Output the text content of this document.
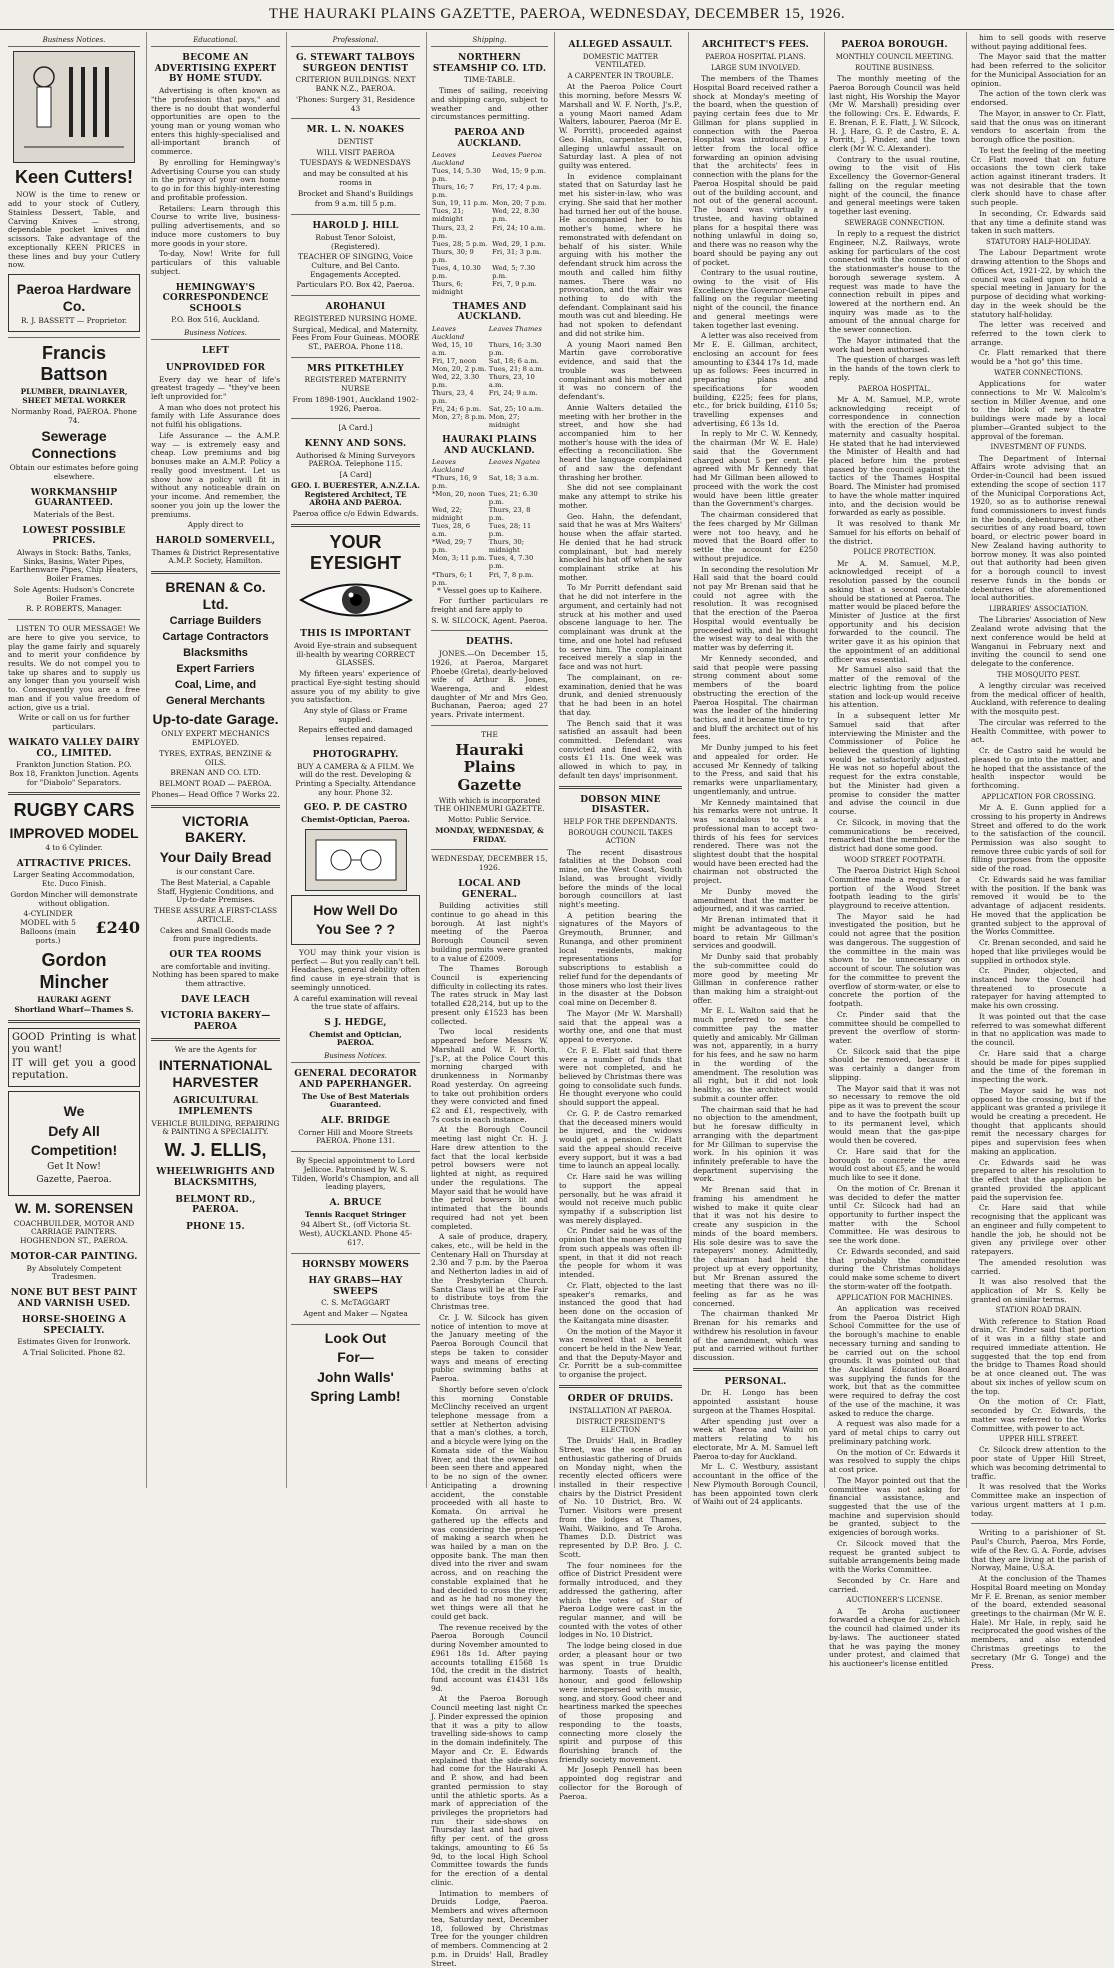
THE HAURAKI PLAINS GAZETTE, PAEROA, WEDNESDAY, DECEMBER 15, 1926.
Business Notices.
Keen Cutters!

NOW is the time to renew or add to your stock of Cutlery, Stainless Dessert, Table, and Carving Knives — strong, dependable pocket knives and scissors. Take advantage of the exceptionally KEEN PRICES in these lines and buy your Cutlery now.

Paeroa Hardware Co.

R. J. BASSETT — Proprietor.

Francis Battson

PLUMBER, DRAINLAYER, SHEET METAL WORKER

Normanby Road, PAEROA. Phone 74.

Sewerage Connections

Obtain our estimates before going elsewhere.

WORKMANSHIP GUARANTEED.

Materials of the Best.

LOWEST POSSIBLE PRICES.

Always in Stock: Baths, Tanks, Sinks, Basins, Water Pipes, Earthenware Pipes, Chip Heaters, Boiler Frames.

Sole Agents: Hudson's Concrete Boiler Frames.

R. P. ROBERTS, Manager.

LISTEN TO OUR MESSAGE! We are here to give you service, to play the game fairly and squarely and to merit your confidence by results. We do not compel you to take up shares and to supply us any longer than you yourself wish to. Consequently you are a free man and if you value freedom of action, give us a trial.

Write or call on us for further particulars.

WAIKATO VALLEY DAIRY CO., LIMITED.

Frankton Junction Station. P.O. Box 18, Frankton Junction. Agents for "Diabolo" Separators.

RUGBY CARS
IMPROVED MODEL

4 to 6 Cylinder.

ATTRACTIVE PRICES.

Larger Seating Accommodation, Etc. Duco Finish.

Gordon Mincher will demonstrate without obligation.

4-CYLINDER MODEL with 5 Balloons (main ports.)

£240
Gordon Mincher

HAURAKI AGENT

Shortland Wharf—Thames S.

GOOD Printing is what you want!

IT will get you a good reputation.

We
Defy All
Competition!

Get It Now!

Gazette, Paeroa.

W. M. SORENSEN

COACHBUILDER, MOTOR AND CARRIAGE PAINTERS. HOGHENDON ST., PAEROA.

MOTOR-CAR PAINTING.

By Absolutely Competent Tradesmen.

NONE BUT BEST PAINT AND VARNISH USED.
HORSE-SHOEING A SPECIALTY.

Estimates Given for Ironwork.

A Trial Solicited. Phone 82.

Educational.
BECOME AN ADVERTISING EXPERT BY HOME STUDY.

Advertising is often known as "the profession that pays," and there is no doubt that wonderful opportunities are open to the young man or young woman who enters this highly-specialised and all-important branch of commerce.

By enrolling for Hemingway's Advertising Course you can study in the privacy of your own home to go in for this highly-interesting and profitable profession.

Retailers: Learn through this Course to write live, business-pulling advertisements, and so induce more customers to buy more goods in your store.

To-day, Now! Write for full particulars of this valuable subject.

HEMINGWAY'S CORRESPONDENCE SCHOOLS

P.O. Box 516, Auckland.

Business Notices.
LEFT
UNPROVIDED FOR

Every day we hear of life's greatest tragedy — "they've been left unprovided for."

A man who does not protect his family with Life Assurance does not fulfil his obligations.

Life Assurance — the A.M.P. way — is extremely easy and cheap. Low premiums and big bonuses make an A.M.P. Policy a really good investment. Let us show how a policy will fit in without any noticeable drain on your income. And remember, the sooner you join up the lower the premiums.

Apply direct to

HAROLD SOMERVELL,

Thames & District Representative A.M.P. Society, Hamilton.

BRENAN & Co. Ltd.
Carriage Builders
Cartage Contractors
Blacksmiths
Expert Farriers
Coal, Lime, and
General Merchants
Up-to-date Garage.

ONLY EXPERT MECHANICS EMPLOYED.

TYRES, EXTRAS, BENZINE & OILS.

BRENAN AND CO. LTD.

BELMONT ROAD — PAEROA.

Phones— Head Office 7 Works 22.

VICTORIA BAKERY.
Your Daily Bread

is our constant Care.

The Best Material, a Capable Staff, Hygienic Conditions, and Up-to-date Premises.

THESE ASSURE A FIRST-CLASS ARTICLE.

Cakes and Small Goods made from pure ingredients.

OUR TEA ROOMS

are comfortable and inviting. Nothing has been spared to make them attractive.

DAVE LEACH
VICTORIA BAKERY—PAEROA

We are the Agents for

INTERNATIONAL HARVESTER
AGRICULTURAL IMPLEMENTS

VEHICLE BUILDING, REPAIRING & PAINTING A SPECIALITY.

W. J. ELLIS,
WHEELWRIGHTS AND BLACKSMITHS,
BELMONT RD., PAEROA.
PHONE 15.
Professional.
G. STEWART TALBOYS SURGEON DENTIST

CRITERION BUILDINGS. NEXT BANK N.Z., PAEROA.

'Phones: Surgery 31, Residence 43

MR. L. N. NOAKES

DENTIST

WILL VISIT PAEROA

TUESDAYS & WEDNESDAYS

and may be consulted at his rooms in

Brocket and Shand's Buildings

from 9 a.m. till 5 p.m.

HAROLD J. HILL

Robust Tenor Soloist, (Registered).

TEACHER OF SINGING, Voice Culture, and Bel Canto. Engagements Accepted.

Particulars P.O. Box 42, Paeroa.

AROHANUI

REGISTERED NURSING HOME.

Surgical, Medical, and Maternity. Fees From Four Guineas. MOORE ST., PAEROA. Phone 118.

MRS PITKETHLEY

REGISTERED MATERNITY NURSE

From 1898-1901, Auckland 1902-1926, Paeroa.

[A Card.]

KENNY AND SONS.

Authorised & Mining Surveyors PAEROA. Telephone 115.

[A Card]

GEO. I. BUERESTER, A.N.Z.I.A. Registered Architect, TE AROHA AND PAEROA.

Paeroa office c/o Edwin Edwards.

YOUR EYESIGHT
THIS IS IMPORTANT

Avoid Eye-strain and subsequent ill-health by wearing CORRECT GLASSES.

My fifteen years' experience of practical Eye-sight testing should assure you of my ability to give you satisfaction.

Any style of Glass or Frame supplied.

Repairs effected and damaged lenses repaired.

PHOTOGRAPHY.

BUY A CAMERA & A FILM. We will do the rest. Developing & Printing a Specialty. Attendance any hour. Phone 32.

GEO. P. DE CASTRO

Chemist-Optician, Paeroa.

How Well Do
You See ? ?

YOU may think your vision is perfect — But you really can't tell. Headaches, general debility often find cause in eye-strain that is seemingly unnoticed.

A careful examination will reveal the true state of affairs.

S J. HEDGE,

Chemist and Optician, PAEROA.

Business Notices.
GENERAL DECORATOR AND PAPERHANGER.

The Use of Best Materials Guaranteed.

ALF. BRIDGE

Corner Hill and Moore Streets PAEROA. Phone 131.

By Special appointment to Lord Jellicoe. Patronised by W. S. Tilden, World's Champion, and all leading players,

A. BRUCE

Tennis Racquet Stringer

94 Albert St., (off Victoria St. West), AUCKLAND. Phone 45-617.

HORNSBY MOWERS
HAY GRABS—HAY SWEEPS

C. S. McTAGGART

Agent and Maker — Ngatea

Look Out
For—
John Walls'
Spring Lamb!
Shipping.
NORTHERN STEAMSHIP CO. LTD.

TIME-TABLE.

Times of sailing, receiving and shipping cargo, subject to weather and other circumstances permitting.

PAEROA AND AUCKLAND.
Leaves Auckland	Leaves Paeroa
Tues, 14, 5.30 p.m.	Wed, 15; 9 p.m.
Thurs, 16; 7 p.m.	Fri, 17; 4 p.m.
Sun, 19, 11 p.m.	Mon, 20; 7 p.m.
Tues, 21; midnight	Wed, 22, 8.30 p.m.
Thurs, 23, 2 p.m.	Fri, 24; 10 a.m.
Tues, 28; 5 p.m.	Wed, 29, 1 p.m.
Thurs, 30; 9 p.m.	Fri, 31; 3 p.m.
Tues, 4, 10.30 p.m.	Wed, 5; 7.30 p.m.
Thurs, 6; midnight	Fri, 7, 9 p.m.
THAMES AND AUCKLAND.
Leaves Auckland	Leaves Thames
Wed, 15, 10 a.m.	Thurs, 16; 3.30 p.m.
Fri, 17, noon	Sat, 18; 6 a.m.
Mon, 20, 2 p.m.	Tues, 21; 8 a.m.
Wed, 22, 3.30 p.m.	Thurs, 23, 10 a.m.
Thurs, 23, 4 p.m.	Fri, 24; 9 a.m.
Fri, 24; 6 p.m.	Sat, 25; 10 a.m.
Mon, 27; 8 p.m.	Mon, 27; midnight
HAURAKI PLAINS AND AUCKLAND.
Leaves Auckland	Leaves Ngatea
*Thurs, 16, 9 p.m.	Sat, 18; 3 a.m.
*Mon, 20, noon	Tues, 21; 6.30 p.m.
Wed, 22; midnight	Thurs, 23, 8 p.m.
Tues, 28, 6 a.m.	Tues, 28; 11 p.m.
*Wed, 29; 7 p.m.	Thurs, 30; midnight
Mon, 3; 11 p.m.	Tues, 4, 7.30 p.m.
*Thurs, 6; 1 p.m.	Fri, 7, 8 p.m.

* Vessel goes up to Kaihere.

For further particulars re freight and fare apply to

S. W. SILCOCK, Agent. Paeroa.

DEATHS.

JONES.—On December 15, 1926, at Paeroa, Margaret Phoebe (Greta), dearly-beloved wife of Arthur B. Jones, Waerenga, and eldest daughter of Mr and Mrs Geo. Buchanan, Paeroa; aged 27 years. Private interment.

THE

Hauraki Plains Gazette

With which is incorporated THE OHINEMURI GAZETTE.

Motto: Public Service.

MONDAY, WEDNESDAY, & FRIDAY.

WEDNESDAY, DECEMBER 15, 1926.

LOCAL AND GENERAL.

Building activities still continue to go ahead in this borough. At last night's meeting of the Paeroa Borough Council seven building permits were granted to a value of £2009.

The Thames Borough Council is experiencing difficulty in collecting its rates. The rates struck in May last totalled £28,214, but up to the present only £1523 has been collected.

Two local residents appeared before Messrs W. Marshall and W. F. North, J's.P., at the Police Court this morning charged with drunkenness in Normanby Road yesterday. On agreeing to take out prohibition orders they were convicted and fined £2 and £1, respectively, with 7s costs in each instance.

At the Borough Council meeting last night Cr. H. J. Hare drew attention to the fact that the local kerbside petrol bowsers were not lighted at night, as required under the regulations. The Mayor said that he would have the petrol bowsers lit and intimated that the bounds required had not yet been completed.

A sale of produce, drapery, cakes, etc., will be held in the Centenary Hall on Thursday at 2.30 and 7 p.m. by the Paeroa and Netherton ladies in aid of the Presbyterian Church. Santa Claus will be at the Fair to distribute toys from the Christmas tree.

Cr. J. W. Silcock has given notice of intention to move at the January meeting of the Paeroa Borough Council that steps be taken to consider ways and means of erecting public swimming baths at Paeroa.

Shortly before seven o'clock this morning Constable McClinchy received an urgent telephone message from a settler at Netherton advising that a man's clothes, a torch, and a bicycle were lying on the Komata side of the Waihou River, and that the owner had been seen there and appeared to be no sign of the owner. Anticipating a drowning accident, the constable proceeded with all haste to Komata. On arrival he gathered up the effects and was considering the prospect of making a search when he was hailed by a man on the opposite bank. The man then dived into the river and swam across, and on reaching the constable explained that he had decided to cross the river, and as he had no money the wet things were all that he could get back.

The revenue received by the Paeroa Borough Council during November amounted to £961 18s 1d. After paying accounts totalling £1568 1s 10d, the credit in the district fund account was £1431 18s 9d.

At the Paeroa Borough Council meeting last night Cr. J. Pinder expressed the opinion that it was a pity to allow travelling side-shows to camp in the domain indefinitely. The Mayor and Cr. E. Edwards explained that the side-shows had come for the Hauraki A. and P. show, and had been granted permission to stay until the athletic sports. As a mark of appreciation of the privileges the proprietors had run their side-shows on Thursday last and had given fifty per cent. of the gross takings, amounting to £6 5s 9d, to the local High School Committee towards the funds for the erection of a dental clinic.

Intimation to members of Druids Lodge, Paeroa. Members and wives afternoon tea, Saturday next, December 18, followed by Christmas Tree for the younger children of members. Commencing at 2 p.m. in Druids' Hall, Bradley Street.

ALLEGED ASSAULT.
DOMESTIC MATTER VENTILATED.
A CARPENTER IN TROUBLE.

At the Paeroa Police Court this morning, before Messrs W. Marshall and W. F. North, J's.P., a young Maori named Adam Walters, labourer, Paeroa (Mr E. W. Porritt), proceeded against Geo. Hahn, carpenter, Paeroa, alleging unlawful assault on Saturday last. A plea of not guilty was entered.

In evidence complainant stated that on Saturday last he met his sister-in-law, who was crying. She said that her mother had turned her out of the house. He accompanied her to his mother's home, where he remonstrated with defendant on behalf of his sister. While arguing with his mother the defendant struck him across the mouth and called him filthy names. There was no provocation, and the affair was nothing to do with the defendant. Complainant said his mouth was cut and bleeding. He had not spoken to defendant and did not strike him.

A young Maori named Ben Martin gave corroborative evidence, and said that the trouble was between complainant and his mother and it was no concern of the defendant's.

Annie Walters detailed the meeting with her brother in the street, and how she had accompanied him to her mother's house with the idea of effecting a reconciliation. She heard the language complained of and saw the defendant thrashing her brother.

She did not see complainant make any attempt to strike his mother.

Geo. Hahn, the defendant, said that he was at Mrs Walters' house when the affair started. He denied that he had struck complainant, but had merely knocked his hat off when he saw complainant strike at his mother.

To Mr Porritt defendant said that he did not interfere in the argument, and certainly had not struck at his mother and used obscene language to her. The complainant was drunk at the time, and one hotel had refused to serve him. The complainant received merely a slap in the face and was not hurt.

The complainant, on re-examination, denied that he was drunk, and denied strenuously that he had been in an hotel that day.

The Bench said that it was satisfied an assault had been committed. Defendant was convicted and fined £2, with costs £1 11s. One week was allowed in which to pay, in default ten days' imprisonment.

DOBSON MINE DISASTER.
HELP FOR THE DEPENDANTS.
BOROUGH COUNCIL TAKES ACTION

The recent disastrous fatalities at the Dobson coal mine, on the West Coast, South Island, was brought vividly before the minds of the local borough councillors at last night's meeting.

A petition bearing the signatures of the Mayors of Greymouth, Brunner, and Runanga, and other prominent local residents, making representations for subscriptions to establish a relief fund for the dependants of those miners who lost their lives in the disaster at the Dobson coal mine on December 8.

The Mayor (Mr W. Marshall) said that the appeal was a worthy one, and one that must appeal to everyone.

Cr. F. E. Flatt said that there were a number of funds that were not completed, and he believed by Christmas there was going to consolidate such funds. He thought everyone who could should support the appeal.

Cr. G. P. de Castro remarked that the deceased miners would be injured, and the widows would get a pension. Cr. Flatt said the appeal should receive every support, but it was a bad time to launch an appeal locally.

Cr. Hare said he was willing to support the appeal personally, but he was afraid it would not receive much public sympathy if a subscription list was merely displayed.

Cr. Pinder said he was of the opinion that the money resulting from such appeals was often ill-spent, in that it did not reach the people for whom it was intended.

Cr. Flatt, objected to the last speaker's remarks, and instanced the good that had been done on the occasion of the Kaitangata mine disaster.

On the motion of the Mayor it was resolved that a benefit concert be held in the New Year, and that the Deputy-Mayor and Cr. Porritt be a sub-committee to organise the project.

ORDER OF DRUIDS.
INSTALLATION AT PAEROA.
DISTRICT PRESIDENT'S ELECTION

The Druids' Hall, in Bradley Street, was the scene of an enthusiastic gathering of Druids on Monday night, when the recently elected officers were installed in their respective chairs by the District President of No. 10 District, Bro. W. Turner. Visitors were present from the lodges at Thames, Waihi, Waikino, and Te Aroha. Thames D.D. District was represented by D.P. Bro. J. C. Scott.

The four nominees for the office of District President were formally introduced, and they addressed the gathering, after which the votes of Star of Paeroa Lodge were cast in the regular manner, and will be counted with the votes of other lodges in No. 10 District.

The lodge being closed in due order, a pleasant hour or two was spent in true Druidic harmony. Toasts of health, honour, and good fellowship were interspersed with music, song, and story. Good cheer and heartiness marked the speeches of those proposing and responding to the toasts, connecting more closely the spirit and purpose of this flourishing branch of the friendly society movement.

Mr Joseph Pennell has been appointed dog registrar and collector for the Borough of Paeroa.

ARCHITECT'S FEES.
PAEROA HOSPITAL PLANS.
LARGE SUM INVOLVED.

The members of the Thames Hospital Board received rather a shock at Monday's meeting of the board, when the question of paying certain fees due to Mr Gillman for plans supplied in connection with the Paeroa Hospital was introduced by a letter from the local office forwarding an opinion advising that the architects' fees in connection with the plans for the Paeroa Hospital should be paid out of the building account, and not out of the general account. The board was virtually a trustee, and having obtained plans for a hospital there was nothing unlawful in doing so, and there was no reason why the board should be paying any out of pocket.

Contrary to the usual routine, owing to the visit of His Excellency the Governor-General falling on the regular meeting night of the council, the finance and general meetings were taken together last evening.

A letter was also received from Mr E. E. Gillman, architect, enclosing an account for fees amounting to £344 17s 1d, made up as follows: Fees incurred in preparing plans and specifications for wooden building, £225; fees for plans, etc., for brick building, £110 5s; travelling expenses and advertising, £6 13s 1d.

In reply to Mr C. W. Kennedy, the chairman (Mr W. E. Hale) said that the Government charged about 5 per cent. He agreed with Mr Kennedy that had Mr Gillman been allowed to proceed with the work the cost would have been little greater than the Government's charges.

The chairman considered that the fees charged by Mr Gillman were not too heavy, and he moved that the Board offer to settle the account for £250 without prejudice.

In seconding the resolution Mr Hall said that the board could not pay Mr Brenan said that he could not agree with the resolution. It was recognised that the erection of the Paeroa Hospital would eventually be proceeded with, and he thought the wisest way to deal with the matter was by deferring it.

Mr Kennedy seconded, and said that people were passing strong comment about some members of the board obstructing the erection of the Paeroa Hospital. The chairman was the leader of the hindering tactics, and it became time to try and bluff the architect out of his fees.

Mr Dunby jumped to his feet and appealed for order. He accused Mr Kennedy of talking to the Press, and said that his remarks were unparliamentary, ungentlemanly, and untrue.

Mr Kennedy maintained that his remarks were not untrue. It was scandalous to ask a professional man to accept two-thirds of his fees for services rendered. There was not the slightest doubt that the hospital would have been erected had the chairman not obstructed the project.

Mr Dunby moved the amendment that the matter be adjourned, and it was carried.

Mr Brenan intimated that it might be advantageous to the board to retain Mr Gillman's services and goodwill.

Mr Dunby said that probably the sub-committee could do more good by meeting Mr Gillman in conference rather than making him a straight-out offer.

Mr E. L. Walton said that he much preferred to see the committee pay the matter quietly and amicably. Mr Gillman was not, apparently, in a hurry for his fees, and he saw no harm in the wording of the amendment. The resolution was all right, but it did not look healthy, as the architect would submit a counter offer.

The chairman said that he had no objection to the amendment, but he foresaw difficulty in arranging with the department for Mr Gillman to supervise the work. In his opinion it was infinitely preferable to have the department supervising the work.

Mr Brenan said that in framing his amendment he wished to make it quite clear that it was not his desire to create any suspicion in the minds of the board members. His sole desire was to save the ratepayers' money. Admittedly, the chairman had held the project up at every opportunity, but Mr Brenan assured the meeting that there was no ill-feeling as far as he was concerned.

The chairman thanked Mr Brenan for his remarks and withdrew his resolution in favour of the amendment, which was put and carried without further discussion.

PERSONAL.

Dr. H. Longo has been appointed assistant house surgeon at the Thames Hospital.

After spending just over a week at Paeroa and Waihi on matters relating to his electorate, Mr A. M. Samuel left Paeroa to-day for Auckland.

Mr L. C. Westbury, assistant accountant in the office of the New Plymouth Borough Council, has been appointed town clerk of Waihi out of 24 applicants.

PAEROA BOROUGH.
MONTHLY COUNCIL MEETING.
ROUTINE BUSINESS.

The monthly meeting of the Paeroa Borough Council was held last night, His Worship the Mayor (Mr W. Marshall) presiding over the following: Crs. E. Edwards, F. E. Brenan, F. E. Flatt, J. W. Silcock, H. J. Hare, G. P. de Castro, E. A. Porritt, J. Pinder, and the town clerk (Mr W. C. Alexander).

Contrary to the usual routine, owing to the visit of His Excellency the Governor-General falling on the regular meeting night of the council, the finance and general meetings were taken together last evening.

SEWERAGE CONNECTION.

In reply to a request the district Engineer, N.Z. Railways, wrote asking for particulars of the cost connected with the connection of the stationmaster's house to the borough sewerage system. A request was made to have the connection rebuilt in pipes and lowered at the northern end. An inquiry was made as to the amount of the annual charge for the sewer connection.

The Mayor intimated that the work had been authorised.

The question of charges was left in the hands of the town clerk to reply.

PAEROA HOSPITAL.

Mr A. M. Samuel, M.P., wrote acknowledging receipt of correspondence in connection with the erection of the Paeroa maternity and casualty hospital. He stated that he had interviewed the Minister of Health and had placed before him the protest passed by the council against the tactics of the Thames Hospital Board. The Minister had promised to have the whole matter inquired into, and the decision would be forwarded as early as possible.

It was resolved to thank Mr Samuel for his efforts on behalf of the district.

POLICE PROTECTION.

Mr A. M. Samuel, M.P., acknowledged receipt of a resolution passed by the council asking that a second constable should be stationed at Paeroa. The matter would be placed before the Minister of Justice at the first opportunity and his decision forwarded to the council. The writer gave it as his opinion that the appointment of an additional officer was essential.

Mr Samuel also said that the matter of the removal of the electric lighting from the police station and lock-up would receive his attention.

In a subsequent letter Mr Samuel said that after interviewing the Minister and the Commissioner of Police he believed the question of lighting would be satisfactorily adjusted. He was not so hopeful about the request for the extra constable, but the Minister had given a promise to consider the matter and advise the council in due course.

Cr. Silcock, in moving that the communications be received, remarked that the member for the district had done some good.

WOOD STREET FOOTPATH.

The Paeroa District High School Committee made a request for a portion of the Wood Street footpath leading to the girls' playground to receive attention.

The Mayor said he had investigated the position, but he could not agree that the position was dangerous. The suggestion of the committee in the main was shown to be unnecessary on account of scour. The solution was for the committee to prevent the overflow of storm-water, or else to concrete the portion of the footpath.

Cr. Pinder said that the committee should be compelled to prevent the overflow of storm-water.

Cr. Silcock said that the pipe should be removed, because it was certainly a danger from slipping.

The Mayor said that it was not so necessary to remove the old pipe as it was to prevent the scour and to have the footpath built up to its permanent level, which would mean that the gas-pipe would then be covered.

Cr. Hare said that for the borough to concrete the area would cost about £5, and he would much like to see it done.

On the motion of Cr. Brenan it was decided to defer the matter until Cr. Silcock had had an opportunity to further inspect the matter with the School Committee. He was desirous to see the work done.

Cr. Edwards seconded, and said that probably the committee during the Christmas holidays could make some scheme to divert the storm-water off the footpath.

APPLICATION FOR MACHINES.

An application was received from the Paeroa District High School Committee for the use of the borough's machine to enable necessary turning and sanding to be carried out on the school grounds. It was pointed out that the Auckland Education Board was supplying the funds for the work, but that as the committee were required to defray the cost of the use of the machine, it was asked to reduce the charge.

A request was also made for a yard of metal chips to carry out preliminary patching work.

On the motion of Cr. Edwards it was resolved to supply the chips at cost price.

The Mayor pointed out that the committee was not asking for financial assistance, and suggested that the use of the machine and supervision should be granted, subject to the exigencies of borough works.

Cr. Silcock moved that the request be granted subject to suitable arrangements being made with the Works Committee.

Seconded by Cr. Hare and carried.

AUCTIONEER'S LICENSE.

A Te Aroha auctioneer forwarded a cheque for 25, which the council had claimed under its by-laws. The auctioneer stated that he was paying the money under protest, and claimed that his auctioneer's license entitled

him to sell goods with reserve without paying additional fees.

The Mayor said that the matter had been referred to the solicitor for the Municipal Association for an opinion.

The action of the town clerk was endorsed.

The Mayor, in answer to Cr. Flatt, said that the onus was on itinerant vendors to ascertain from the borough office the position.

To test the feeling of the meeting Cr. Flatt moved that on future occasions the town clerk take action against itinerant traders. It was not desirable that the town clerk should have to chase after such people.

In seconding, Cr. Edwards said that any time a definite stand was taken in such matters.

STATUTORY HALF-HOLIDAY.

The Labour Department wrote drawing attention to the Shops and Offices Act, 1921-22, by which the council was called upon to hold a special meeting in January for the purpose of deciding what working-day in the week should be the statutory half-holiday.

The letter was received and referred to the town clerk to arrange.

Cr. Flatt remarked that there would be a "hot go" this time.

WATER CONNECTIONS.

Applications for water connections to Mr W. Malcolm's section in Miller Avenue, and one to the block of new theatre buildings were made by a local plumber—Granted subject to the approval of the foreman.

INVESTMENT OF FUNDS.

The Department of Internal Affairs wrote advising that an Order-in-Council had been issued extending the scope of section 117 of the Municipal Corporations Act, 1920, so as to authorise renewal fund commissioners to invest funds in the bonds, debentures, or other securities of any road board, town board, or electric power board in New Zealand having authority to borrow money. It was also pointed out that authority had been given for a borough council to invest reserve funds in the bonds or debentures of the aforementioned local authorities.

LIBRARIES' ASSOCIATION.

The Libraries' Association of New Zealand wrote advising that the next conference would be held at Wanganui in February next and inviting the council to send one delegate to the conference.

THE MOSQUITO PEST.

A lengthy circular was received from the medical officer of health, Auckland, with reference to dealing with the mosquito pest.

The circular was referred to the Health Committee, with power to act.

Cr. de Castro said he would be pleased to go into the matter, and he hoped that the assistance of the health inspector would be forthcoming.

APPLICATION FOR CROSSING.

Mr A. E. Gunn applied for a crossing to his property in Andrews Street and offered to do the work to the satisfaction of the council. Permission was also sought to remove three cubic yards of soil for filling purposes from the opposite side of the road.

Cr. Edwards said he was familiar with the position. If the bank was removed it would be to the advantage of adjacent residents. He moved that the application be granted subject to the approval of the Works Committee.

Cr. Brenan seconded, and said he hoped that like privileges would be supplied in orthodox style.

Cr. Pinder, objected, and instanced how the Council had threatened to prosecute a ratepayer for having attempted to make his own crossing.

It was pointed out that the case referred to was somewhat different in that no application was made to the council.

Cr. Hare said that a charge should be made for pipes supplied and the time of the foreman in inspecting the work.

The Mayor said he was not opposed to the crossing, but if the applicant was granted a privilege it would be creating a precedent. He thought that applicants should remit the necessary charges for pipes and supervision fees when making an application.

Cr. Edwards said he was prepared to alter his resolution to the effect that the application be granted provided the applicant paid the supervision fee.

Cr. Hare said that while recognising that the applicant was an engineer and fully competent to handle the job, he should not be given any privilege over other ratepayers.

The amended resolution was carried.

It was also resolved that the application of Mr S. Kelly be granted on similar terms.

STATION ROAD DRAIN.

With reference to Station Road drain, Cr. Pinder said that portion of it was in a filthy state and required immediate attention. He suggested that the top end from the bridge to Thames Road should be at once cleaned out. The was about six inches of yellow scum on the top.

On the motion of Cr. Flatt, seconded by Cr. Edwards, the matter was referred to the Works Committee, with power to act.

UPPER HILL STREET.

Cr. Silcock drew attention to the poor state of Upper Hill Street, which was becoming detrimental to traffic.

It was resolved that the Works Committee make an inspection of various urgent matters at 1 p.m. today.

Writing to a parishioner of St. Paul's Church, Paeroa, Mrs Forde, wife of the Rev. G. A. Forde, advises that they are living at the parish of Norway, Maine, U.S.A.

At the conclusion of the Thames Hospital Board meeting on Monday Mr F. E. Brenan, as senior member of the board, extended seasonal greetings to the chairman (Mr W. E. Hale). Mr Hale, in reply, said he reciprocated the good wishes of the members, and also extended Christmas greetings to the secretary (Mr G. Tonge) and the Press.
